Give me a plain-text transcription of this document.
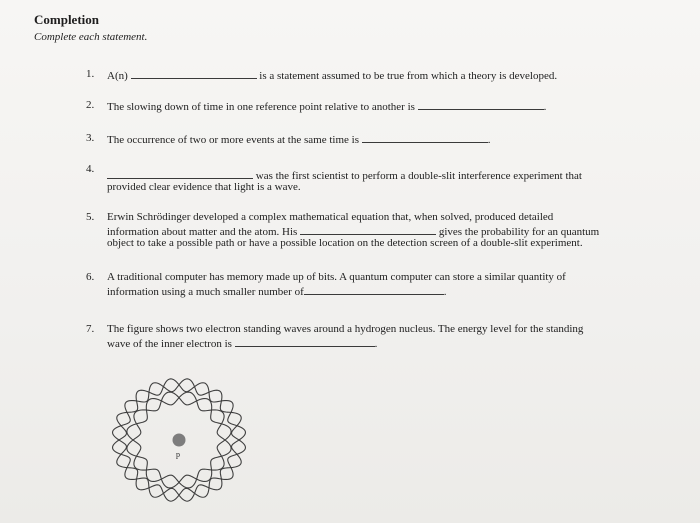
Completion
Complete each statement.
1. A(n)	is a statement assumed to be true from which a theory is developed.
2. The slowing down of time in one reference point relative to another is	.
3. The occurrence of two or more events at the same time is	.
4.
was the first scientist to perform a double-slit interference experiment that
provided clear evidence that light is a wave.
5. Erwin Schrödinger developed a complex mathematical equation that, when solved, produced detailed
information about matter and the atom. His	gives the probability for an quantum
object to take a possible path or have a possible location on the detection screen of a double-slit experiment.
6. A traditional computer has memory made up of bits. A quantum computer can store a similar quantity of
information using a much smaller number of	.
7. The figure shows two electron standing waves around a hydrogen nucleus. The energy level for the standing
wave of the inner electron is	.
p
